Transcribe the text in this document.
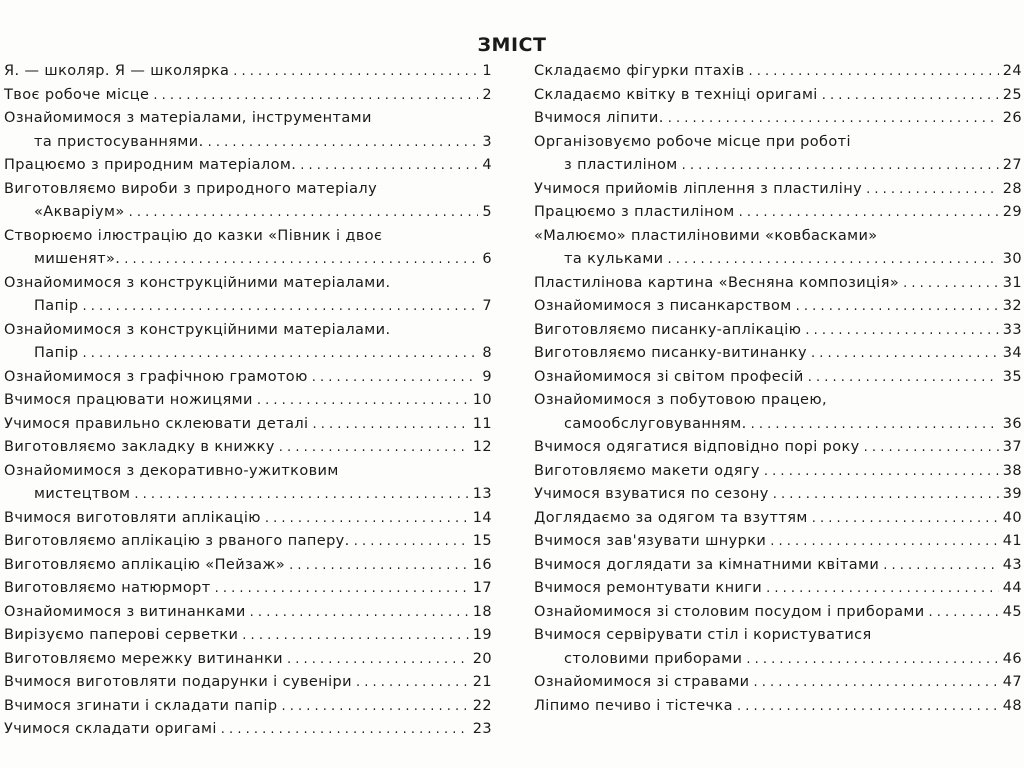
ЗМІСТ
Я. — школяр. Я — школярка . . .	1
Твоє робоче місце . . .	2
Ознайомимося з матеріалами, інструментами
та пристосуваннями. . . .	3
Працюємо з природним матеріалом. . . .	4
Виготовляємо вироби з природного матеріалу
«Акваріум» . . .	5
Створюємо ілюстрацію до казки «Півник і двоє
мишенят». . . .	6
Ознайомимося з конструкційними матеріалами.
Папір . . .	7
Ознайомимося з конструкційними матеріалами.
Папір . . .	8
Ознайомимося з графічною грамотою . . .	9
Вчимося працювати ножицями . . .	10
Учимося правильно склеювати деталі . . .	11
Виготовляємо закладку в книжку . . .	12
Ознайомимося з декоративно-ужитковим
мистецтвом . . .	13
Вчимося виготовляти аплікацію . . .	14
Виготовляємо аплікацію з рваного паперу. . . .	15
Виготовляємо аплікацію «Пейзаж» . . .	16
Виготовляємо натюрморт . . .	17
Ознайомимося з витинанками . . .	18
Вирізуємо паперові серветки . . .	19
Виготовляємо мережку витинанки . . .	20
Вчимося виготовляти подарунки і сувеніри . . .	21
Вчимося згинати і складати папір . . .	22
Учимося складати оригамі . . .	23
Складаємо фігурки птахів . . .	24
Складаємо квітку в техніці оригамі . . .	25
Вчимося ліпити. . . .	26
Організовуємо робоче місце при роботі
з пластиліном . . .	27
Учимося прийомів ліплення з пластиліну . . .	28
Працюємо з пластиліном . . .	29
«Малюємо» пластиліновими «ковбасками»
та кульками . . .	30
Пластилінова картина «Весняна композиція» . . .	31
Ознайомимося з писанкарством . . .	32
Виготовляємо писанку-аплікацію . . .	33
Виготовляємо писанку-витинанку . . .	34
Ознайомимося зі світом професій . . .	35
Ознайомимося з побутовою працею,
самообслуговуванням. . . .	36
Вчимося одягатися відповідно порі року . . .	37
Виготовляємо макети одягу . . .	38
Учимося взуватися по сезону . . .	39
Доглядаємо за одягом та взуттям . . .	40
Вчимося зав'язувати шнурки . . .	41
Вчимося доглядати за кімнатними квітами . . .	43
Вчимося ремонтувати книги . . .	44
Ознайомимося зі столовим посудом і приборами . . .	45
Вчимося сервірувати стіл і користуватися
столовими приборами . . .	46
Ознайомимося зі стравами . . .	47
Ліпимо печиво і тістечка . . .	48
